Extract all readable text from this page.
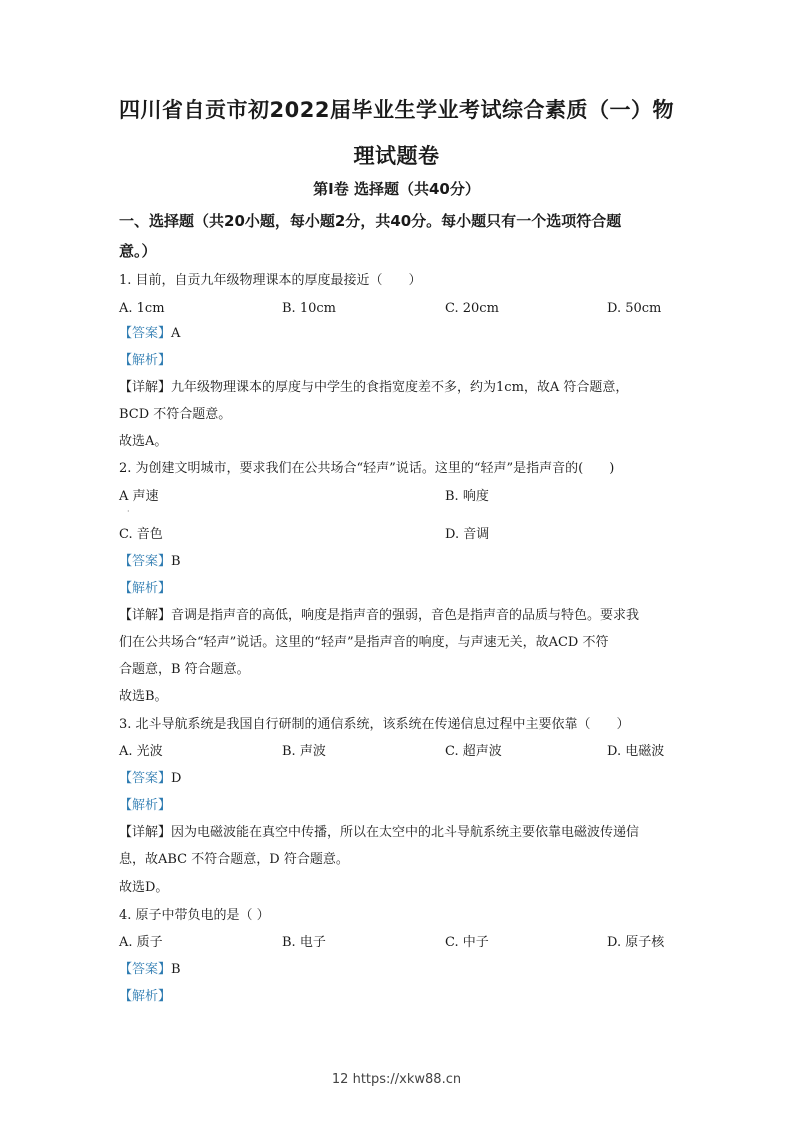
四川省自贡市初2022届毕业生学业考试综合素质（一）物
理试题卷
第Ⅰ卷 选择题（共40分）
一、选择题（共20小题，每小题2分，共40分。每小题只有一个选项符合题
意。）
1. 目前，自贡九年级物理课本的厚度最接近（　　）
A. 1cm	B. 10cm	C. 20cm	D. 50cm
【答案】A
【解析】
【详解】九年级物理课本的厚度与中学生的食指宽度差不多，约为1cm，故A 符合题意，
BCD 不符合题意。
故选A。
2. 为创建文明城市，要求我们在公共场合“轻声”说话。这里的“轻声”是指声音的(　　)
A 声速	B. 响度
·
C. 音色	D. 音调
【答案】B
【解析】
【详解】音调是指声音的高低，响度是指声音的强弱，音色是指声音的品质与特色。要求我
们在公共场合“轻声”说话。这里的“轻声”是指声音的响度，与声速无关，故ACD 不符
合题意，B 符合题意。
故选B。
3. 北斗导航系统是我国自行研制的通信系统，该系统在传递信息过程中主要依靠（　　）
A. 光波	B. 声波	C. 超声波	D. 电磁波
【答案】D
【解析】
【详解】因为电磁波能在真空中传播，所以在太空中的北斗导航系统主要依靠电磁波传递信
息，故ABC 不符合题意，D 符合题意。
故选D。
4. 原子中带负电的是（ ）
A. 质子	B. 电子	C. 中子	D. 原子核
【答案】B
【解析】
12 https://xkw88.cn
